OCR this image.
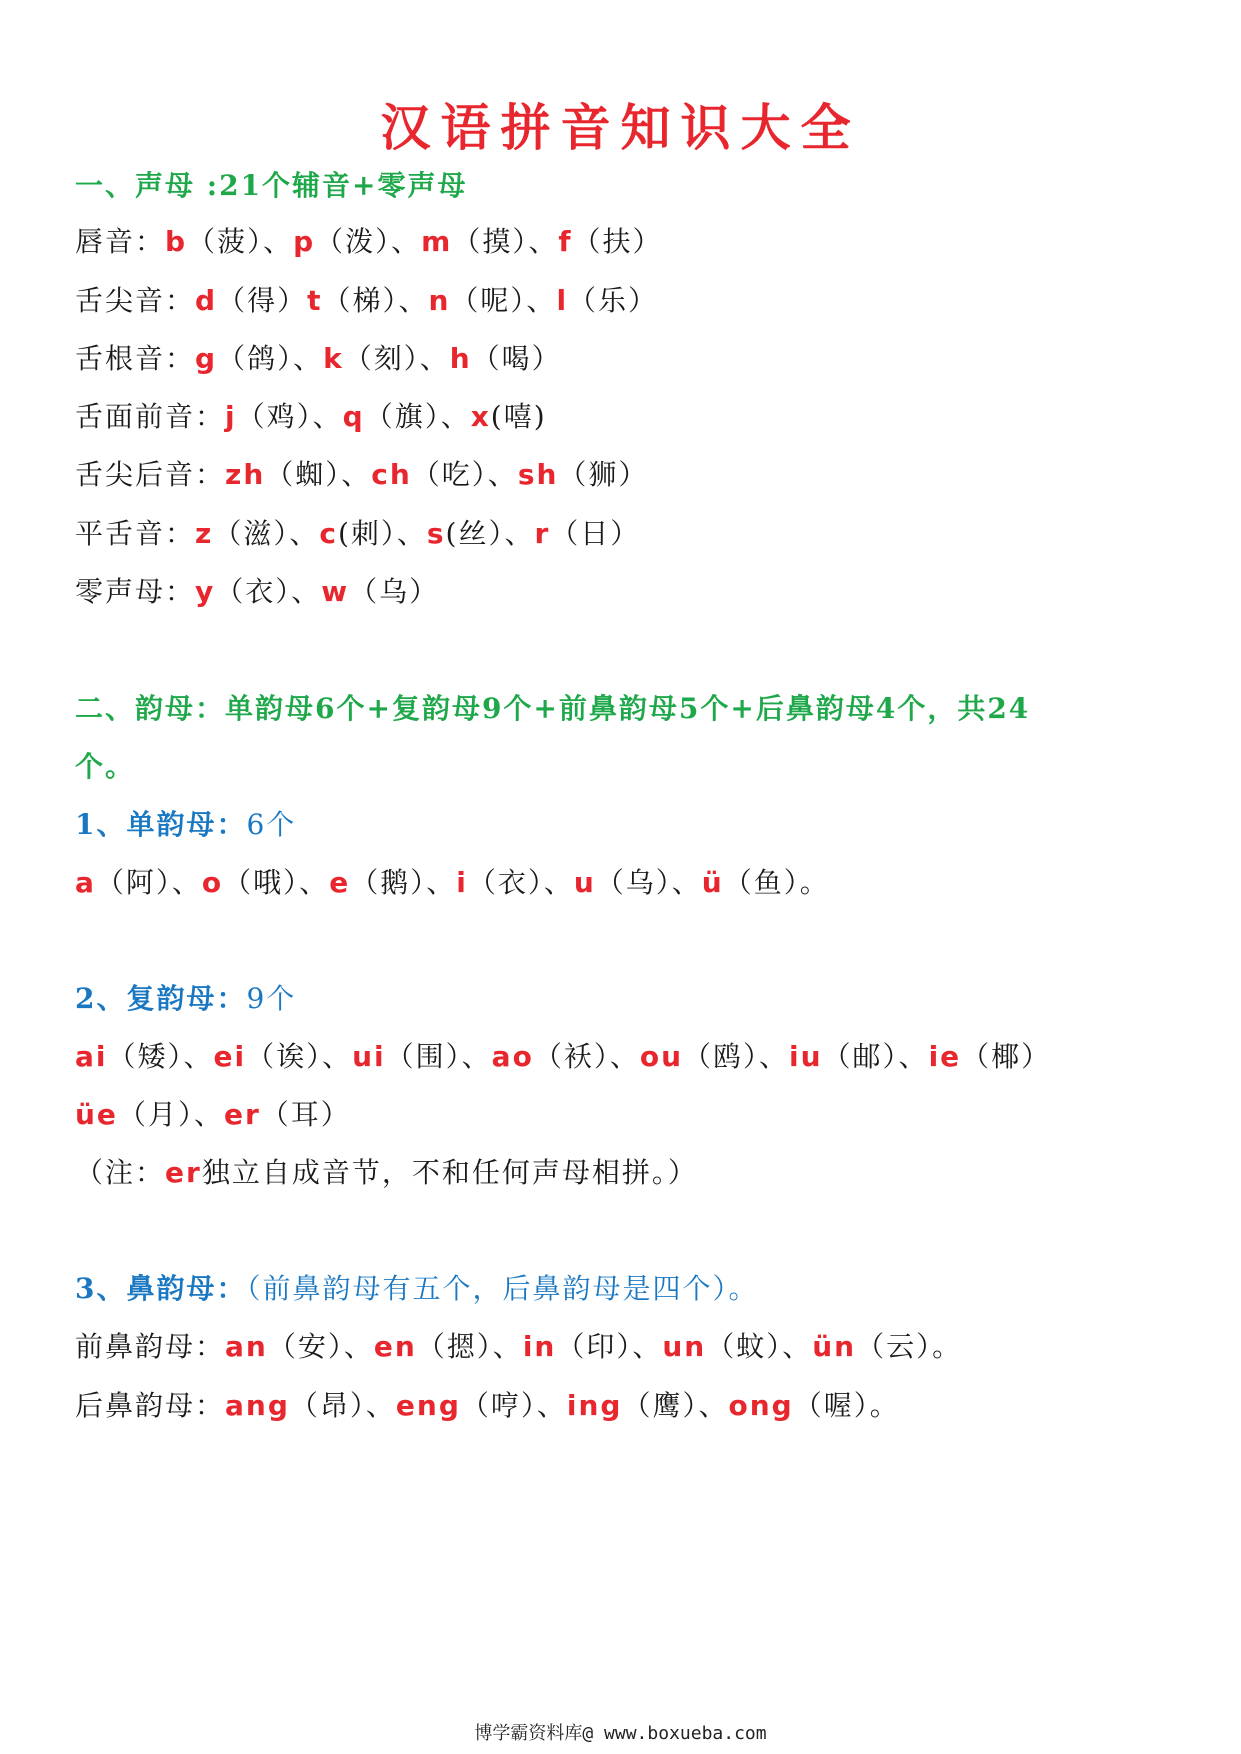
汉语拼音知识大全
一、声母 :21个辅音+零声母
唇音：b（菠）、p（泼）、m（摸）、f（扶）
舌尖音：d（得）t（梯）、n（呢）、l（乐）
舌根音：g（鸽）、k（刻）、h（喝）
舌面前音：j（鸡）、q（旗）、x(嘻)
舌尖后音：zh（蜘）、ch（吃）、sh（狮）
平舌音：z（滋）、c(刺）、s(丝）、r（日）
零声母：y（衣）、w（乌）
二、韵母：单韵母6个+复韵母9个+前鼻韵母5个+后鼻韵母4个，共24
个。
1、单韵母：6个
a（阿）、o（哦）、e（鹅）、i（衣）、u（乌）、ü（鱼）。
2、复韵母：9个
ai（矮）、ei（诶）、ui（围）、ao（袄）、ou（鸥）、iu（邮）、ie（椰）
üe（月）、er（耳）
（注：er独立自成音节，不和任何声母相拼。）
3、鼻韵母：（前鼻韵母有五个，后鼻韵母是四个）。
前鼻韵母：an（安）、en（摁）、in（印）、un（蚊）、ün（云）。
后鼻韵母：ang（昂）、eng（哼）、ing（鹰）、ong（喔）。
博学霸资料库@ www.boxueba.com
